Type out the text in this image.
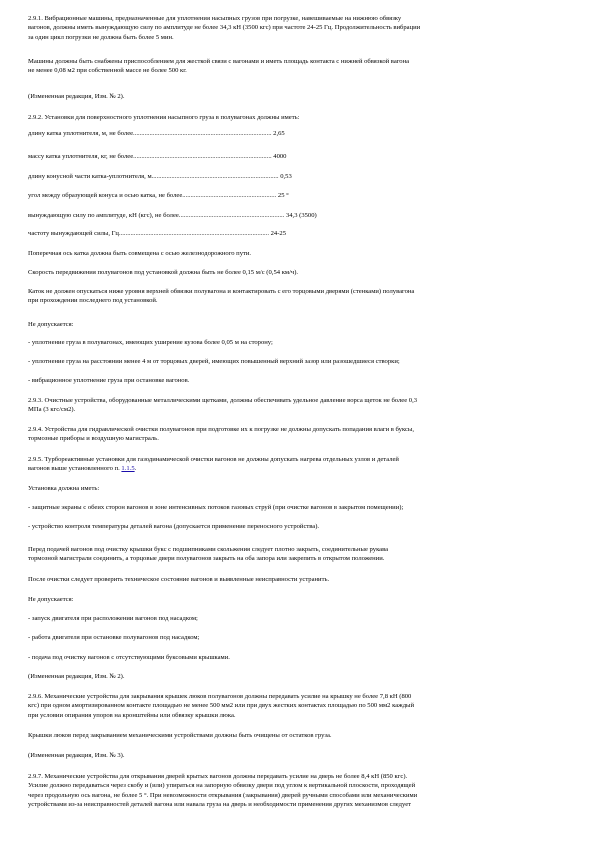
2.9.1. Вибрационные машины, предназначенные для уплотнения насыпных грузов при погрузке, навешиваемые на нижнюю обвязку
вагонов, должны иметь вынуждающую силу по амплитуде не более 34,3 кН (3500 кгс) при частоте 24-25 Гц. Продолжительность вибрации
за один цикл погрузки не должна быть более 5 мин.
Машины должны быть снабжены приспособлением для жесткой связи с вагонами и иметь площадь контакта с нижней обвязкой вагона
не менее 0,08 м2 при собственной массе не более 500 кг.
(Измененная редакция, Изм. № 2).
2.9.2. Установки для поверхностного уплотнения насыпного груза в полувагонах должны иметь:
длину катка уплотнителя, м, не более.................................................................................... 2,65
массу катка уплотнителя, кг, не более.................................................................................... 4000
длину конусной части катка-уплотнителя, м............................................................................. 0,53
угол между образующей конуса и осью катка, не более......................................................... 25 °
вынуждающую силу по амплитуде, кН (кгс), не более................................................................ 34,3 (3500)
частоту вынуждающей силы, Гц........................................................................................... 24-25
Поперечная ось катка должна быть совмещена с осью железнодорожного пути.
Скорость передвижения полувагонов под установкой должна быть не более 0,15 м/с (0,54 км/ч).
Каток не должен опускаться ниже уровня верхней обвязки полувагона и контактировать с его торцовыми дверями (стенками) полувагона
при прохождении последнего под установкой.
Не допускается:
- уплотнение груза в полувагонах, имеющих уширение кузова более 0,05 м на сторону;
- уплотнение груза на расстоянии менее 4 м от торцовых дверей, имеющих повышенный верхний зазор или разошедшиеся створки;
- вибрационное уплотнение груза при остановке вагонов.
2.9.3. Очистные устройства, оборудованные металлическими щетками, должны обеспечивать удельное давление ворса щеток не более 0,3
МПа (3 кгс/см2).
2.9.4. Устройства для гидравлической очистки полувагонов при подготовке их к погрузке не должны допускать попадания влаги в буксы,
тормозные приборы и воздушную магистраль.
2.9.5. Турбореактивные установки для газодинамической очистки вагонов не должны допускать нагрева отдельных узлов и деталей
вагонов выше установленного п. 1.1.5.
Установка должна иметь:
- защитные экраны с обеих сторон вагонов в зоне интенсивных потоков газовых струй (при очистке вагонов в закрытом помещении);
- устройство контроля температуры деталей вагона (допускается применение переносного устройства).
Перед подачей вагонов под очистку крышки букс с подшипниками скольжения следует плотно закрыть, соединительные рукава
тормозной магистрали соединить, а торцовые двери полувагонов закрыть на оба запора или закрепить в открытом положении.
После очистки следует проверить техническое состояние вагонов и выявленные неисправности устранить.
Не допускается:
- запуск двигателя при расположении вагонов под насадком;
- работа двигателя при остановке полувагонов под насадком;
- подача под очистку вагонов с отсутствующими буксовыми крышками.
(Измененная редакция, Изм. № 2).
2.9.6. Механические устройства для закрывания крышек люков полувагонов должны передавать усилие на крышку не более 7,8 кН (800
кгс) при одном амортизированном контакте площадью не менее 500 мм2 или при двух жестких контактах площадью по 500 мм2 каждый
при условии опирания упоров на кронштейны или обвязку крышки люка.
Крышки люков перед закрыванием механическими устройствами должны быть очищены от остатков груза.
(Измененная редакция, Изм. № 3).
2.9.7. Механические устройства для открывания дверей крытых вагонов должны передавать усилие на дверь не более 8,4 кН (850 кгс).
Усилие должно передаваться через скобу и (или) упираться на запорную обвязку двери под углом к вертикальной плоскости, проходящей
через продольную ось вагона, не более 5 °. При невозможности открывания (закрывания) дверей ручными способами или механическими
устройствами из-за неисправностей деталей вагона или навала груза на дверь и необходимости применения других механизмов следует
